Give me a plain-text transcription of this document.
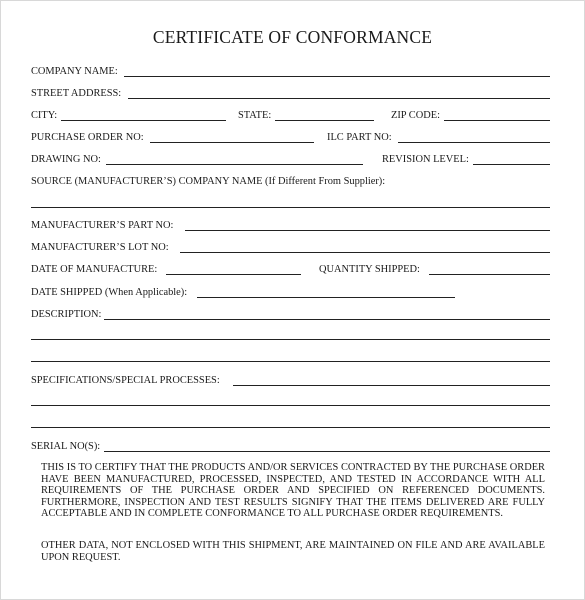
CERTIFICATE OF CONFORMANCE
COMPANY NAME:
STREET ADDRESS:
CITY:	STATE:	ZIP CODE:
PURCHASE ORDER NO:	ILC PART NO:
DRAWING NO:	REVISION LEVEL:
SOURCE (MANUFACTURER’S) COMPANY NAME (If Different From Supplier):
MANUFACTURER’S PART NO:
MANUFACTURER’S LOT NO:
DATE OF MANUFACTURE:	QUANTITY SHIPPED:
DATE SHIPPED (When Applicable):
DESCRIPTION:
SPECIFICATIONS/SPECIAL PROCESSES:
SERIAL NO(S):
THIS IS TO CERTIFY THAT THE PRODUCTS AND/OR SERVICES CONTRACTED BY THE PURCHASE ORDER HAVE BEEN MANUFACTURED, PROCESSED, INSPECTED, AND TESTED IN ACCORDANCE WITH ALL REQUIREMENTS OF THE PURCHASE ORDER AND SPECIFIED ON REFERENCED DOCUMENTS. FURTHERMORE, INSPECTION AND TEST RESULTS SIGNIFY THAT THE ITEMS DELIVERED ARE FULLY ACCEPTABLE AND IN COMPLETE CONFORMANCE TO ALL PURCHASE ORDER REQUIREMENTS.
OTHER DATA, NOT ENCLOSED WITH THIS SHIPMENT, ARE MAINTAINED ON FILE AND ARE AVAILABLE UPON REQUEST.
